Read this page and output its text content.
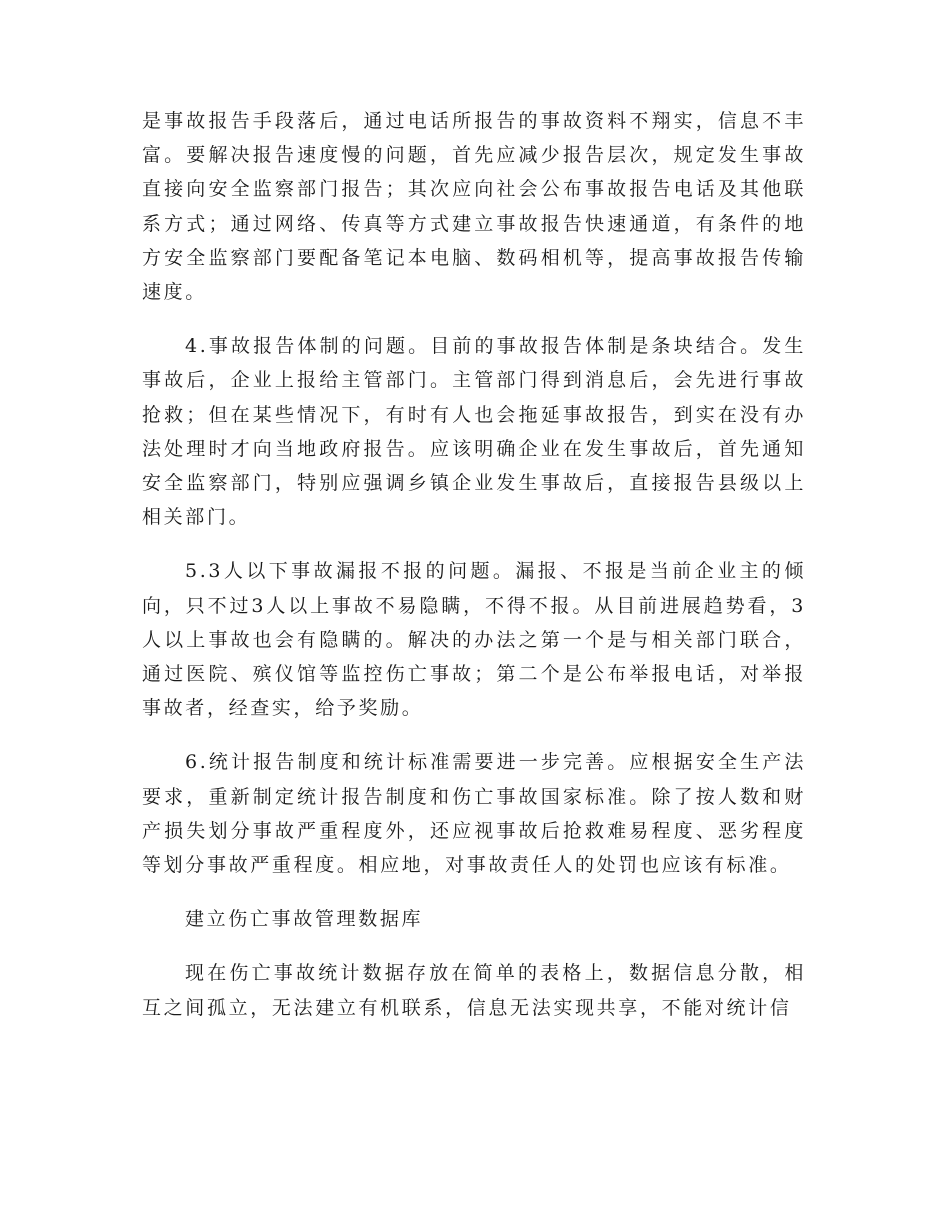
是事故报告手段落后，通过电话所报告的事故资料不翔实，信息不丰富。要解决报告速度慢的问题，首先应减少报告层次，规定发生事故直接向安全监察部门报告；其次应向社会公布事故报告电话及其他联系方式；通过网络、传真等方式建立事故报告快速通道，有条件的地方安全监察部门要配备笔记本电脑、数码相机等，提高事故报告传输速度。

4.事故报告体制的问题。目前的事故报告体制是条块结合。发生事故后，企业上报给主管部门。主管部门得到消息后，会先进行事故抢救；但在某些情况下，有时有人也会拖延事故报告，到实在没有办法处理时才向当地政府报告。应该明确企业在发生事故后，首先通知安全监察部门，特别应强调乡镇企业发生事故后，直接报告县级以上相关部门。

5.3人以下事故漏报不报的问题。漏报、不报是当前企业主的倾向，只不过3人以上事故不易隐瞒，不得不报。从目前进展趋势看，3人以上事故也会有隐瞒的。解决的办法之第一个是与相关部门联合，通过医院、殡仪馆等监控伤亡事故；第二个是公布举报电话，对举报事故者，经查实，给予奖励。

6.统计报告制度和统计标准需要进一步完善。应根据安全生产法要求，重新制定统计报告制度和伤亡事故国家标准。除了按人数和财产损失划分事故严重程度外，还应视事故后抢救难易程度、恶劣程度等划分事故严重程度。相应地，对事故责任人的处罚也应该有标准。

建立伤亡事故管理数据库

现在伤亡事故统计数据存放在简单的表格上，数据信息分散，相互之间孤立，无法建立有机联系，信息无法实现共享，不能对统计信
